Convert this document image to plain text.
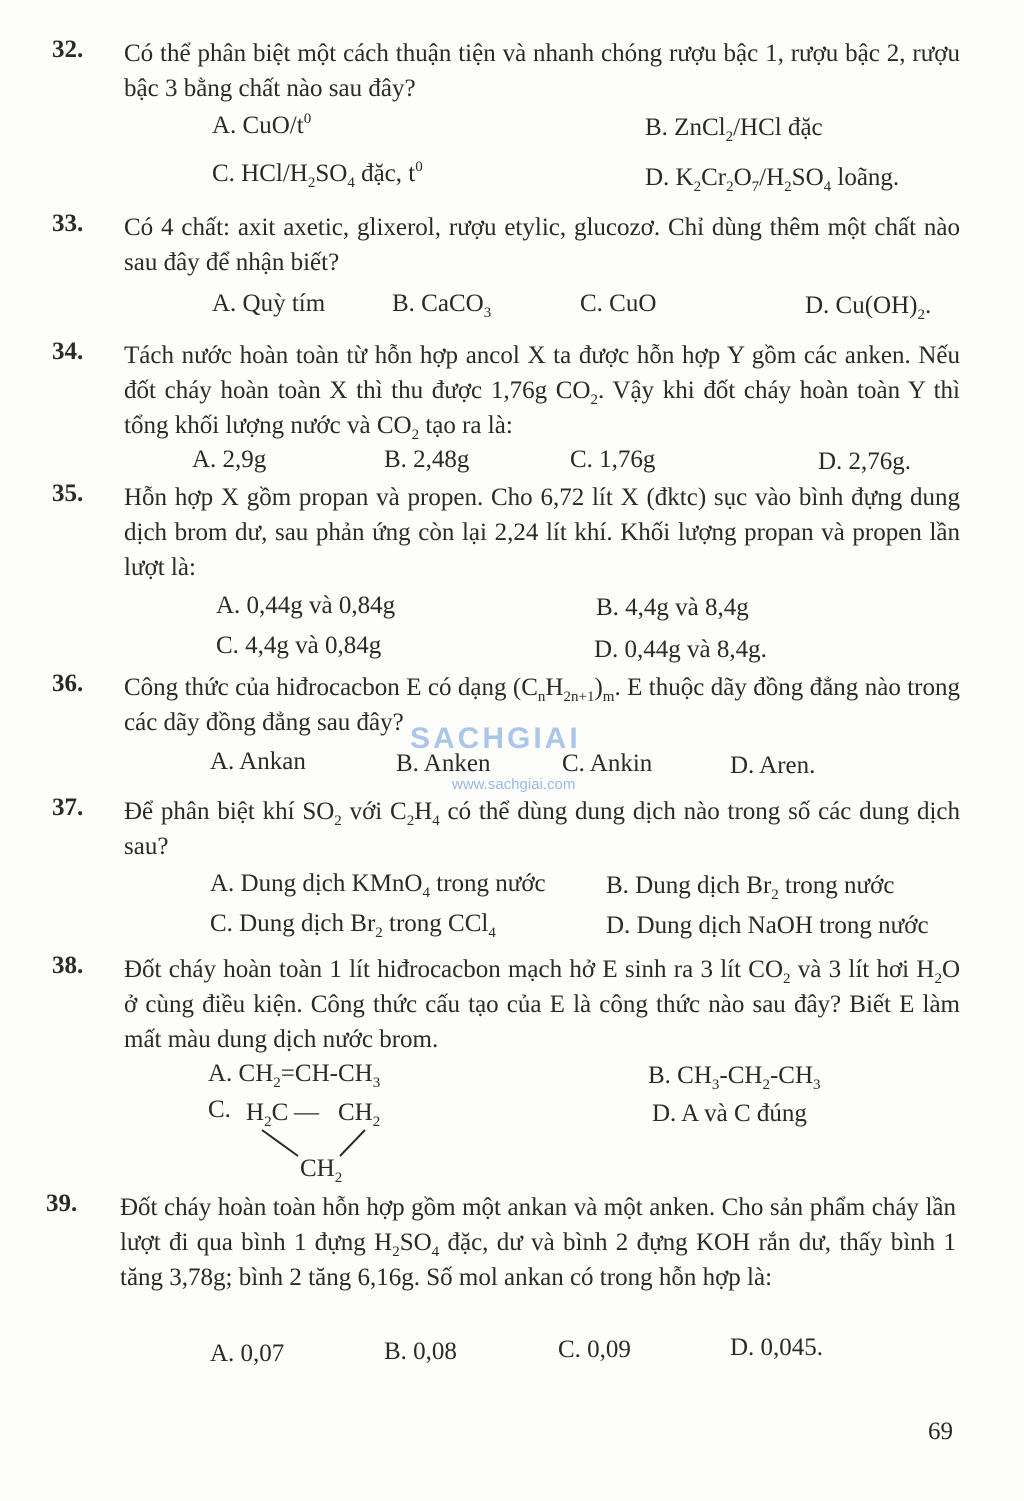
32. Có thể phân biệt một cách thuận tiện và nhanh chóng rượu bậc 1, rượu bậc 2, rượu bậc 3 bằng chất nào sau đây?

A. CuO/$t^0$	B. ZnCl$_2$/HCl đặc
C. HCl/$H_2SO_4$ đặc, $t^0$	D. $K_2Cr_2O_7/H_2SO_4$ loãng.
33. Có 4 chất: axit axetic, glixerol, rượu etylic, glucozơ. Chỉ dùng thêm một chất nào sau đây để nhận biết?

A. Quỳ tím	B. CaCO$_3$	C. CuO	D. $Cu(OH)_2$.
34. Tách nước hoàn toàn từ hỗn hợp ancol X ta được hỗn hợp Y gồm các anken. Nếu đốt cháy hoàn toàn X thì thu được 1,76g $CO_2$. Vậy khi đốt cháy hoàn toàn Y thì tổng khối lượng nước và $CO_2$ tạo ra là:

A. 2,9g	B. 2,48g	C. 1,76g	D. 2,76g.
35. Hỗn hợp X gồm propan và propen. Cho 6,72 lít X (đktc) sục vào bình đựng dung dịch brom dư, sau phản ứng còn lại 2,24 lít khí. Khối lượng propan và propen lần lượt là:

A. 0,44g và 0,84g	B. 4,4g và 8,4g
C. 4,4g và 0,84g	D. 0,44g và 8,4g.
36. Công thức của hiđrocacbon E có dạng $(C_nH_{2n+1})_m$. E thuộc dãy đồng đẳng nào trong các dãy đồng đẳng sau đây?

A. Ankan	B. Anken	C. Ankin	D. Aren.
SACHGIAI
www.sachgiai.com
37. Để phân biệt khí $SO_2$ với $C_2H_4$ có thể dùng dung dịch nào trong số các dung dịch sau?

A. Dung dịch KMnO$_4$ trong nước B. Dung dịch $Br_2$ trong nước
C. Dung dịch $Br_2$ trong CCl$_4$	D. Dung dịch NaOH trong nước
38. Đốt cháy hoàn toàn 1 lít hiđrocacbon mạch hở E sinh ra 3 lít $CO_2$ và 3 lít hơi $H_2O$ ở cùng điều kiện. Công thức cấu tạo của E là công thức nào sau đây? Biết E làm mất màu dung dịch nước brom.

A. $CH_2=CH-CH_3$	B. $CH_3-CH_2-CH_3$
C.	D. A và C đúng
$H_2C$ — $CH_2$
$CH_2$
39. Đốt cháy hoàn toàn hỗn hợp gồm một ankan và một anken. Cho sản phẩm cháy lần lượt đi qua bình 1 đựng $H_2SO_4$ đặc, dư và bình 2 đựng KOH rắn dư, thấy bình 1 tăng 3,78g; bình 2 tăng 6,16g. Số mol ankan có trong hỗn hợp là:

A. 0,07	B. 0,08	C. 0,09	D. 0,045.
69
